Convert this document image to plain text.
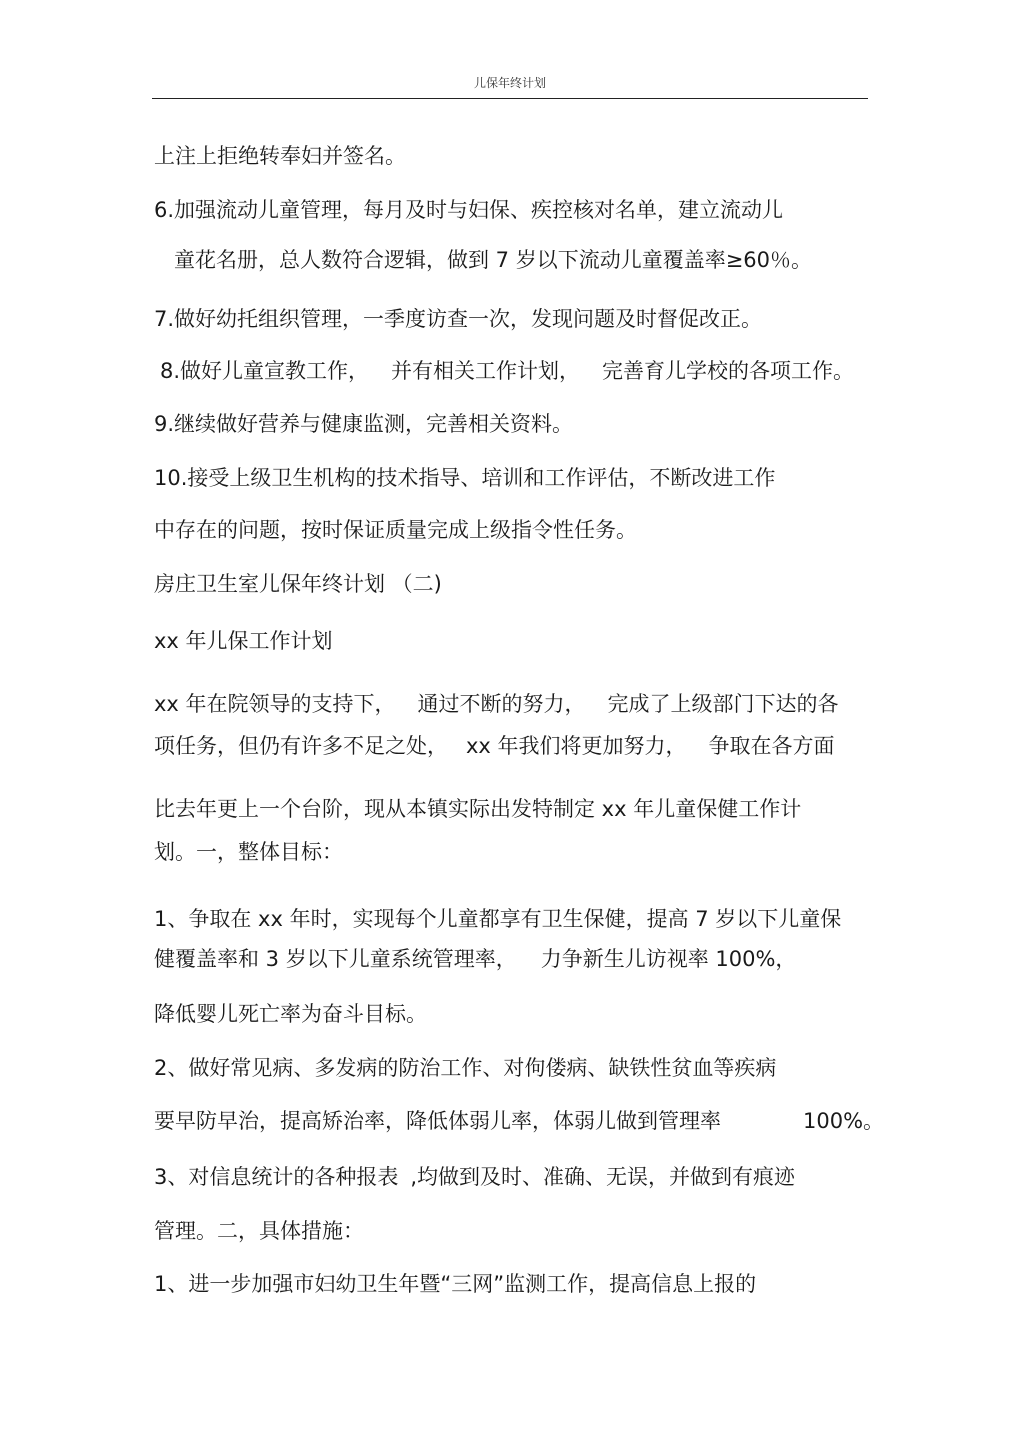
儿保年终计划
上注上拒绝转奉妇并签名。
6.加强流动儿童管理，每月及时与妇保、疾控核对名单，建立流动儿
童花名册，总人数符合逻辑，做到 7 岁以下流动儿童覆盖率≥60％。
7.做好幼托组织管理，一季度访查一次，发现问题及时督促改正。
8.做好儿童宣教工作， 并有相关工作计划， 完善育儿学校的各项工作。
9.继续做好营养与健康监测，完善相关资料。
10.接受上级卫生机构的技术指导、培训和工作评估，不断改进工作
中存在的问题，按时保证质量完成上级指令性任务。
房庄卫生室儿保年终计划 （二)
xx 年儿保工作计划
xx 年在院领导的支持下， 通过不断的努力， 完成了上级部门下达的各
项任务，但仍有许多不足之处， xx 年我们将更加努力， 争取在各方面
比去年更上一个台阶，现从本镇实际出发特制定 xx 年儿童保健工作计
划。一，整体目标：
1、争取在 xx 年时，实现每个儿童都享有卫生保健，提高 7 岁以下儿童保
健覆盖率和 3 岁以下儿童系统管理率， 力争新生儿访视率 100%，
降低婴儿死亡率为奋斗目标。
2、做好常见病、多发病的防治工作、对佝偻病、缺铁性贫血等疾病
要早防早治，提高矫治率，降低体弱儿率，体弱儿做到管理率	100%。
3、对信息统计的各种报表 ,均做到及时、准确、无误，并做到有痕迹
管理。二，具体措施：
1、进一步加强市妇幼卫生年暨“三网”监测工作，提高信息上报的
